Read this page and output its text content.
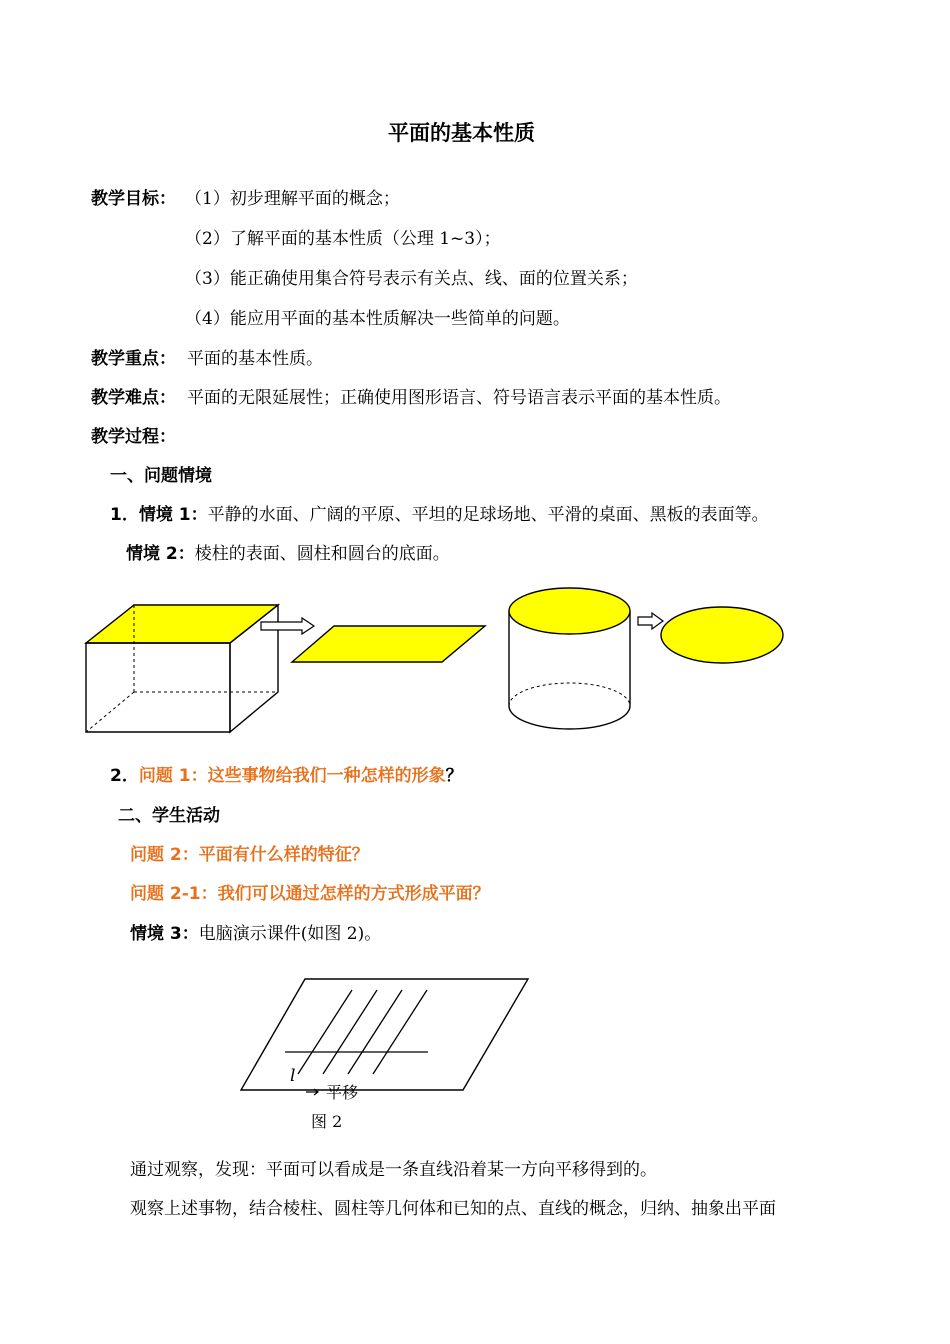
平面的基本性质
教学目标： （1）初步理解平面的概念；
（2）了解平面的基本性质（公理 1~3）；
（3）能正确使用集合符号表示有关点、线、面的位置关系；
（4）能应用平面的基本性质解决一些简单的问题。
教学重点： 平面的基本性质。
教学难点： 平面的无限延展性；正确使用图形语言、符号语言表示平面的基本性质。
教学过程：
一、问题情境
1．情境 1：平静的水面、广阔的平原、平坦的足球场地、平滑的桌面、黑板的表面等。
情境 2：棱柱的表面、圆柱和圆台的底面。
2．问题 1：这些事物给我们一种怎样的形象？
二、学生活动
问题 2：平面有什么样的特征？
问题 2-1：我们可以通过怎样的方式形成平面？
情境 3：电脑演示课件(如图 2)。
l
平移
图 2
通过观察，发现：平面可以看成是一条直线沿着某一方向平移得到的。
观察上述事物，结合棱柱、圆柱等几何体和已知的点、直线的概念，归纳、抽象出平面
